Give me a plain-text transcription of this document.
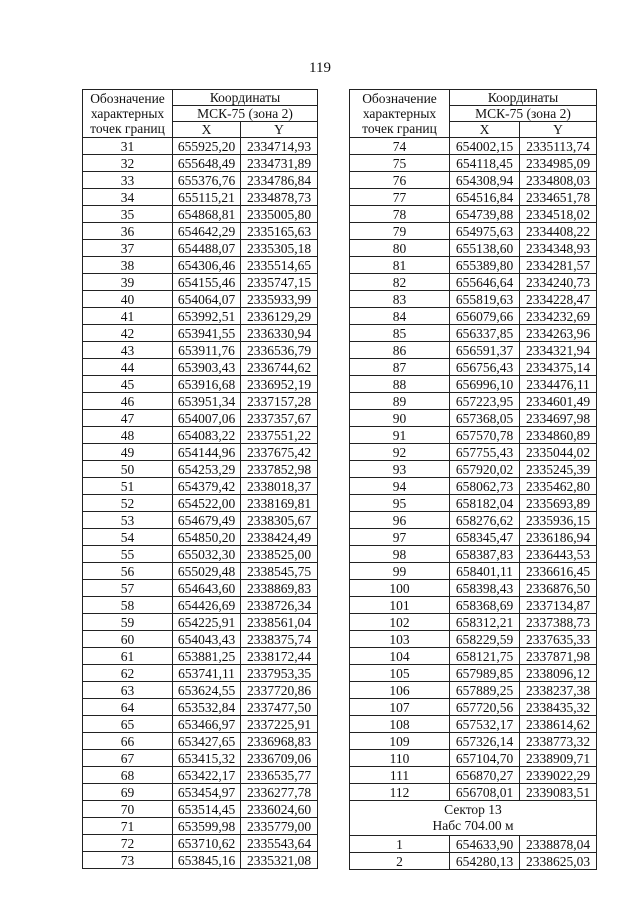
119
Обозначение
характерных
точек границ	Координаты	
	МСК-75 (зона 2)	
	X	Y
31	655925,20	2334714,93
32	655648,49	2334731,89
33	655376,76	2334786,84
34	655115,21	2334878,73
35	654868,81	2335005,80
36	654642,29	2335165,63
37	654488,07	2335305,18
38	654306,46	2335514,65
39	654155,46	2335747,15
40	654064,07	2335933,99
41	653992,51	2336129,29
42	653941,55	2336330,94
43	653911,76	2336536,79
44	653903,43	2336744,62
45	653916,68	2336952,19
46	653951,34	2337157,28
47	654007,06	2337357,67
48	654083,22	2337551,22
49	654144,96	2337675,42
50	654253,29	2337852,98
51	654379,42	2338018,37
52	654522,00	2338169,81
53	654679,49	2338305,67
54	654850,20	2338424,49
55	655032,30	2338525,00
56	655029,48	2338545,75
57	654643,60	2338869,83
58	654426,69	2338726,34
59	654225,91	2338561,04
60	654043,43	2338375,74
61	653881,25	2338172,44
62	653741,11	2337953,35
63	653624,55	2337720,86
64	653532,84	2337477,50
65	653466,97	2337225,91
66	653427,65	2336968,83
67	653415,32	2336709,06
68	653422,17	2336535,77
69	653454,97	2336277,78
70	653514,45	2336024,60
71	653599,98	2335779,00
72	653710,62	2335543,64
73	653845,16	2335321,08
Обозначение
характерных
точек границ	Координаты	
	МСК-75 (зона 2)	
	X	Y
74	654002,15	2335113,74
75	654118,45	2334985,09
76	654308,94	2334808,03
77	654516,84	2334651,78
78	654739,88	2334518,02
79	654975,63	2334408,22
80	655138,60	2334348,93
81	655389,80	2334281,57
82	655646,64	2334240,73
83	655819,63	2334228,47
84	656079,66	2334232,69
85	656337,85	2334263,96
86	656591,37	2334321,94
87	656756,43	2334375,14
88	656996,10	2334476,11
89	657223,95	2334601,49
90	657368,05	2334697,98
91	657570,78	2334860,89
92	657755,43	2335044,02
93	657920,02	2335245,39
94	658062,73	2335462,80
95	658182,04	2335693,89
96	658276,62	2335936,15
97	658345,47	2336186,94
98	658387,83	2336443,53
99	658401,11	2336616,45
100	658398,43	2336876,50
101	658368,69	2337134,87
102	658312,21	2337388,73
103	658229,59	2337635,33
104	658121,75	2337871,98
105	657989,85	2338096,12
106	657889,25	2338237,38
107	657720,56	2338435,32
108	657532,17	2338614,62
109	657326,14	2338773,32
110	657104,70	2338909,71
111	656870,27	2339022,29
112	656708,01	2339083,51

Сектор 13
Набс 704.00 м		

1	654633,90	2338878,04
2	654280,13	2338625,03
